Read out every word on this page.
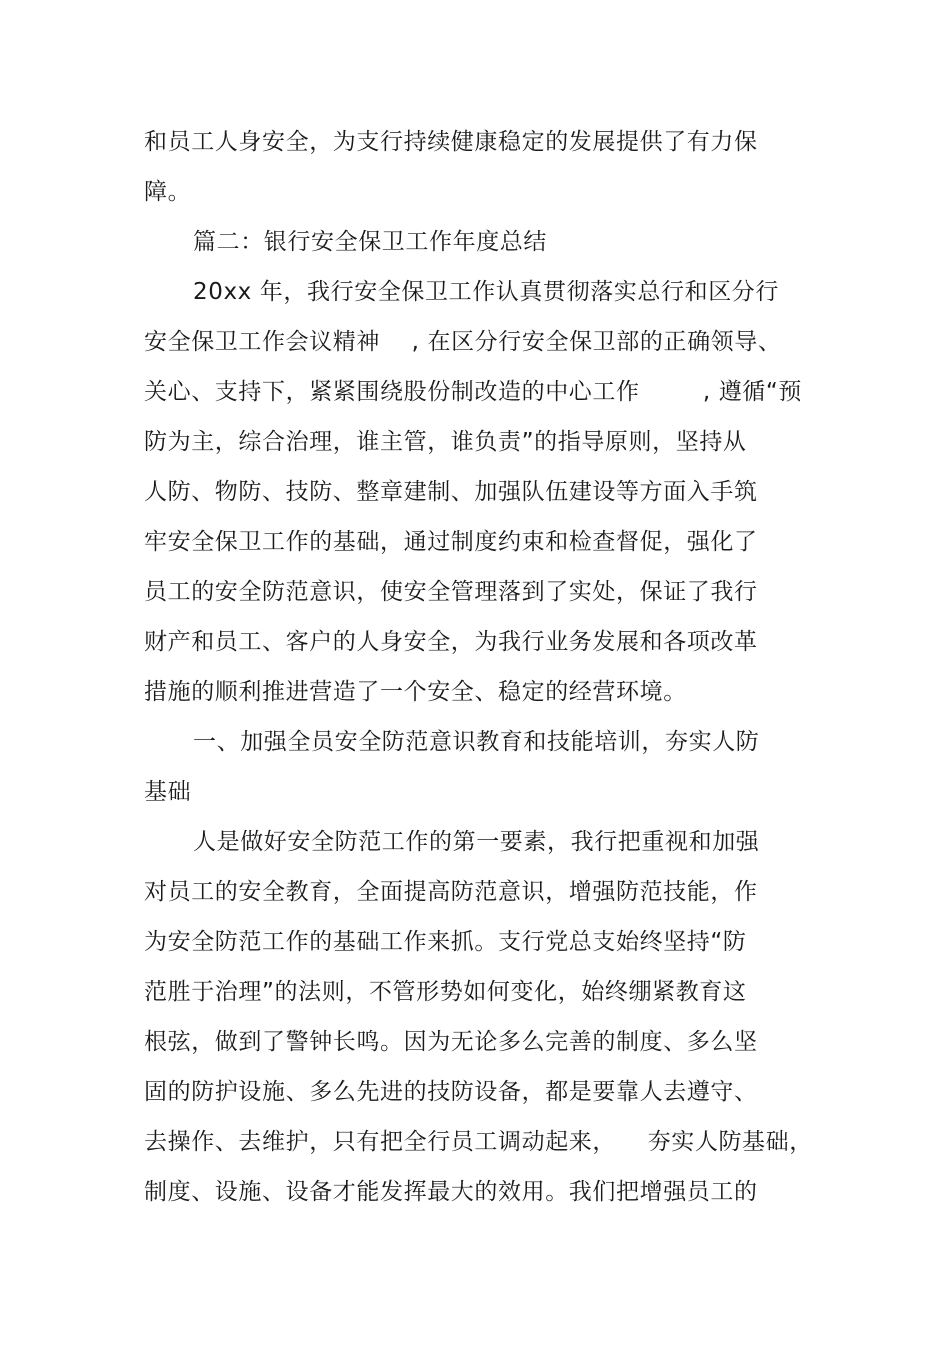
和员工人身安全，为支行持续健康稳定的发展提供了有力保
障。
篇二：银行安全保卫工作年度总结
20xx 年，我行安全保卫工作认真贯彻落实总行和区分行
安全保卫工作会议精神    , 在区分行安全保卫部的正确领导、
关心、支持下，紧紧围绕股份制改造的中心工作        , 遵循“预
防为主，综合治理，谁主管，谁负责”的指导原则，坚持从
人防、物防、技防、整章建制、加强队伍建设等方面入手筑
牢安全保卫工作的基础，通过制度约束和检查督促，强化了
员工的安全防范意识，使安全管理落到了实处，保证了我行
财产和员工、客户的人身安全，为我行业务发展和各项改革
措施的顺利推进营造了一个安全、稳定的经营环境。
一、加强全员安全防范意识教育和技能培训，夯实人防
基础
人是做好安全防范工作的第一要素，我行把重视和加强
对员工的安全教育，全面提高防范意识，增强防范技能，作
为安全防范工作的基础工作来抓。支行党总支始终坚持“防
范胜于治理”的法则，不管形势如何变化，始终绷紧教育这
根弦，做到了警钟长鸣。因为无论多么完善的制度、多么坚
固的防护设施、多么先进的技防设备，都是要靠人去遵守、
去操作、去维护，只有把全行员工调动起来，    夯实人防基础，
制度、设施、设备才能发挥最大的效用。我们把增强员工的
